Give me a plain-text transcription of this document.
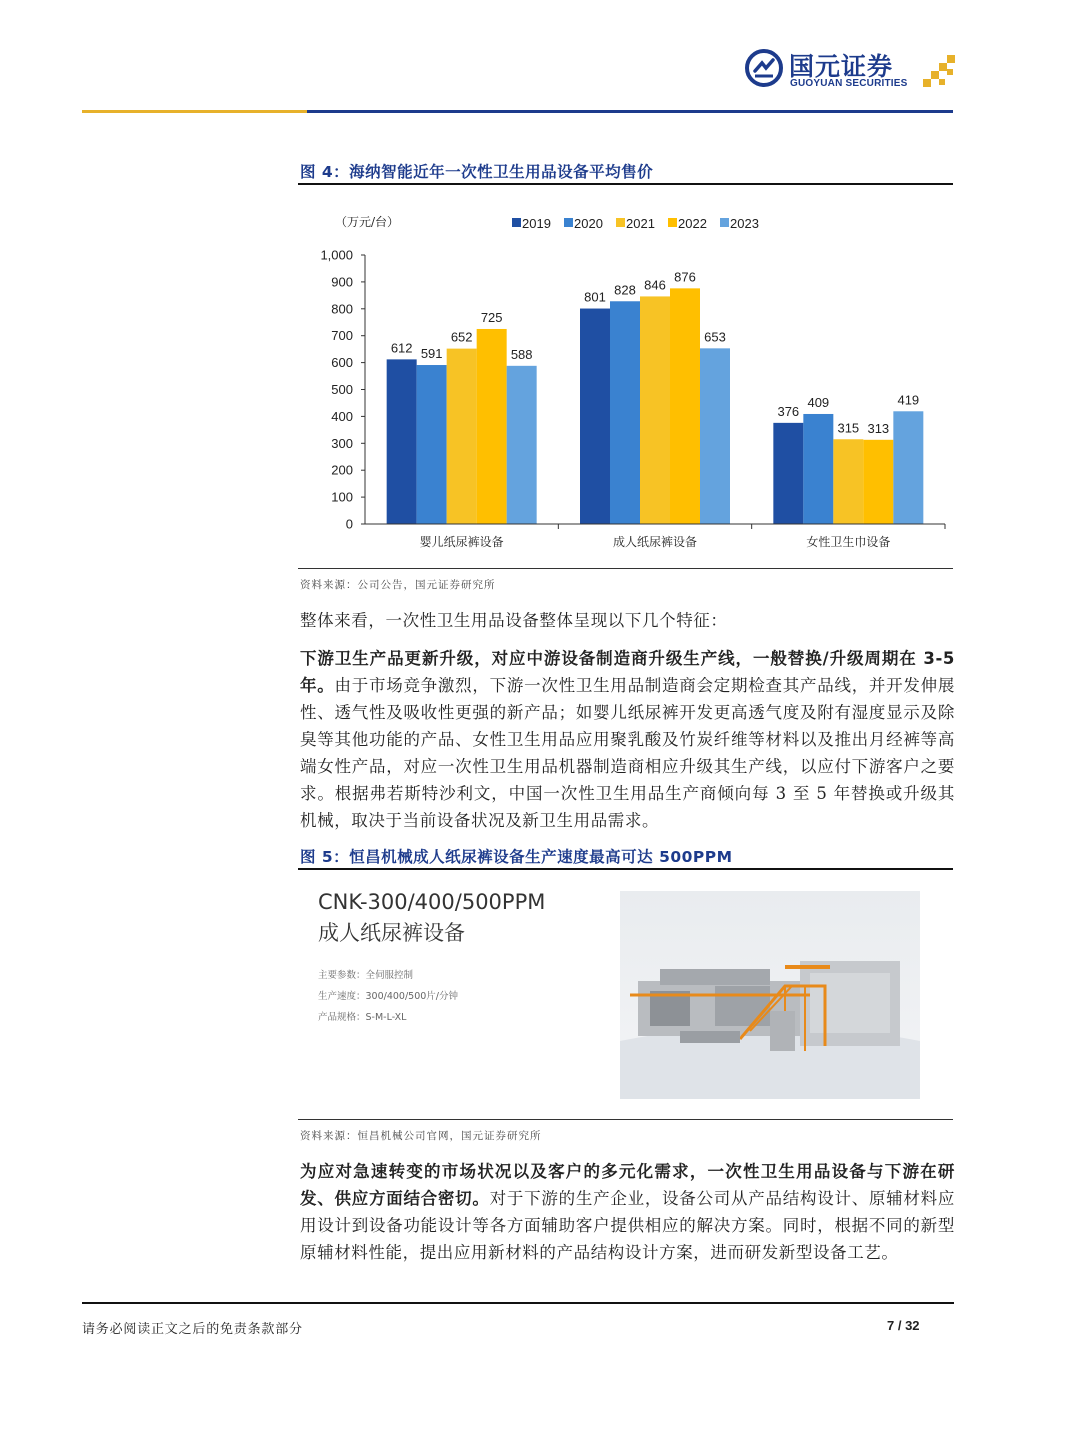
国元证券
GUOYUAN SECURITIES
图 4：海纳智能近年一次性卫生用品设备平均售价
（万元/台）	2019 2020 2021 2022 2023
0
100
200
300
400
500
600
700
800
900
1,000
612 591
652
725
588
801 828 846
876
653
376
409
315 313
419
婴儿纸尿裤设备	成人纸尿裤设备	女性卫生巾设备
资料来源：公司公告，国元证券研究所

整体来看，一次性卫生用品设备整体呈现以下几个特征：

下游卫生产品更新升级，对应中游设备制造商升级生产线，一般替换/升级周期在 3-5 年。由于市场竞争激烈，下游一次性卫生用品制造商会定期检查其产品线，并开发伸展性、透气性及吸收性更强的新产品；如婴儿纸尿裤开发更高透气度及附有湿度显示及除臭等其他功能的产品、女性卫生用品应用聚乳酸及竹炭纤维等材料以及推出月经裤等高端女性产品，对应一次性卫生用品机器制造商相应升级其生产线，以应付下游客户之要求。根据弗若斯特沙利文，中国一次性卫生用品生产商倾向每 3 至 5 年替换或升级其机械，取决于当前设备状况及新卫生用品需求。

图 5：恒昌机械成人纸尿裤设备生产速度最高可达 500PPM
CNK-300/400/500PPM
成人纸尿裤设备
主要参数：全伺服控制
生产速度：300/400/500片/分钟
产品规格：S-M-L-XL
资料来源：恒昌机械公司官网，国元证券研究所

为应对急速转变的市场状况以及客户的多元化需求，一次性卫生用品设备与下游在研发、供应方面结合密切。对于下游的生产企业，设备公司从产品结构设计、原辅材料应用设计到设备功能设计等各方面辅助客户提供相应的解决方案。同时，根据不同的新型原辅材料性能，提出应用新材料的产品结构设计方案，进而研发新型设备工艺。

请务必阅读正文之后的免责条款部分	7 / 32
